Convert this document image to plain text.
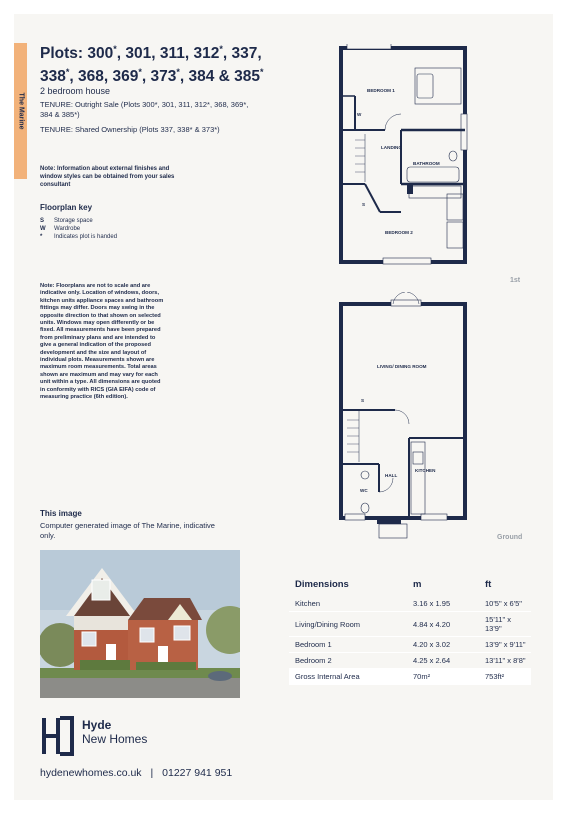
The Marine
Plots: 300*, 301, 311, 312*, 337,
338*, 368, 369*, 373*, 384 & 385*
2 bedroom house
TENURE: Outright Sale (Plots 300*, 301, 311, 312*, 368, 369*, 384 & 385*)
TENURE: Shared Ownership (Plots 337, 338* & 373*)
Note: Information about external finishes and window styles can be obtained from your sales consultant
Floorplan key
S Storage space
W Wardrobe
* Indicates plot is handed
Note: Floorplans are not to scale and are indicative only. Location of windows, doors, kitchen units appliance spaces and bathroom fittings may differ. Doors may swing in the opposite direction to that shown on selected units. Windows may open differently or be fixed. All measurements have been prepared from preliminary plans and are intended to give a general indication of the proposed development and the size and layout of individual plots. Measurements shown are maximum room measurements. Total areas shown are maximum and may vary for each unit within a type. All dimensions are quoted in conformity with RICS (GIA EIFA) code of measuring practice (6th edition).
BEDROOM 1
W
LANDING
BATHROOM
S
BEDROOM 2
1st
LIVING/ DINING ROOM
S
KITCHEN
HALL
WC
Ground
This image
Computer generated image of The Marine, indicative only.
Dimensions	m	ft
Kitchen	3.16 x 1.95	10'5" x 6'5"
Living/Dining Room	4.84 x 4.20	15'11" x 13'9"
Bedroom 1	4.20 x 3.02	13'9" x 9'11"
Bedroom 2	4.25 x 2.64	13'11" x 8'8"
Gross Internal Area	70m²	753ft²
Hyde
New Homes
hydenewhomes.co.uk | 01227 941 951
